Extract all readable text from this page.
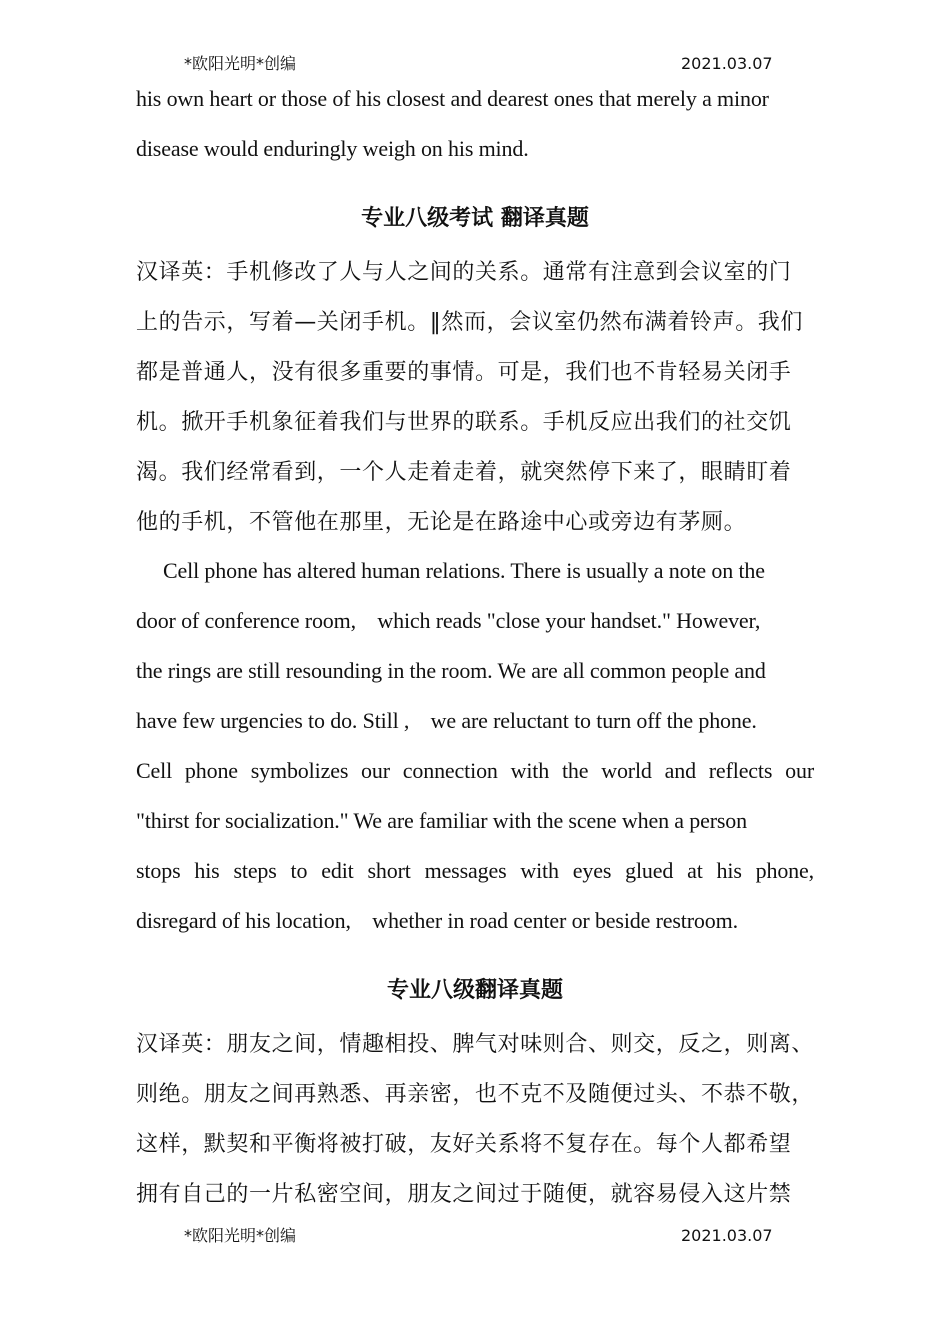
*欧阳光明*创编	2021.03.07
his own heart or those of his closest and dearest ones that merely a minor
disease would enduringly weigh on his mind.
专业八级考试 翻译真题
汉译英：手机修改了人与人之间的关系。通常有注意到会议室的门
上的告示，写着—关闭手机。‖然而，会议室仍然布满着铃声。我们
都是普通人，没有很多重要的事情。可是，我们也不肯轻易关闭手
机。掀开手机象征着我们与世界的联系。手机反应出我们的社交饥
渴。我们经常看到，一个人走着走着，就突然停下来了，眼睛盯着
他的手机，不管他在那里，无论是在路途中心或旁边有茅厕。
Cell phone has altered human relations. There is usually a note on the
door of conference room,    which reads "close your handset." However,
the rings are still resounding in the room. We are all common people and
have few urgencies to do. Still ,    we are reluctant to turn off the phone.
Cell phone symbolizes our connection with the world and reflects our
"thirst for socialization." We are familiar with the scene when a person
stops his steps to edit short messages with eyes glued at his phone,
disregard of his location,    whether in road center or beside restroom.
专业八级翻译真题
汉译英：朋友之间，情趣相投、脾气对味则合、则交，反之，则离、
则绝。朋友之间再熟悉、再亲密，也不克不及随便过头、不恭不敬，
这样，默契和平衡将被打破，友好关系将不复存在。每个人都希望
拥有自己的一片私密空间，朋友之间过于随便，就容易侵入这片禁
*欧阳光明*创编	2021.03.07
